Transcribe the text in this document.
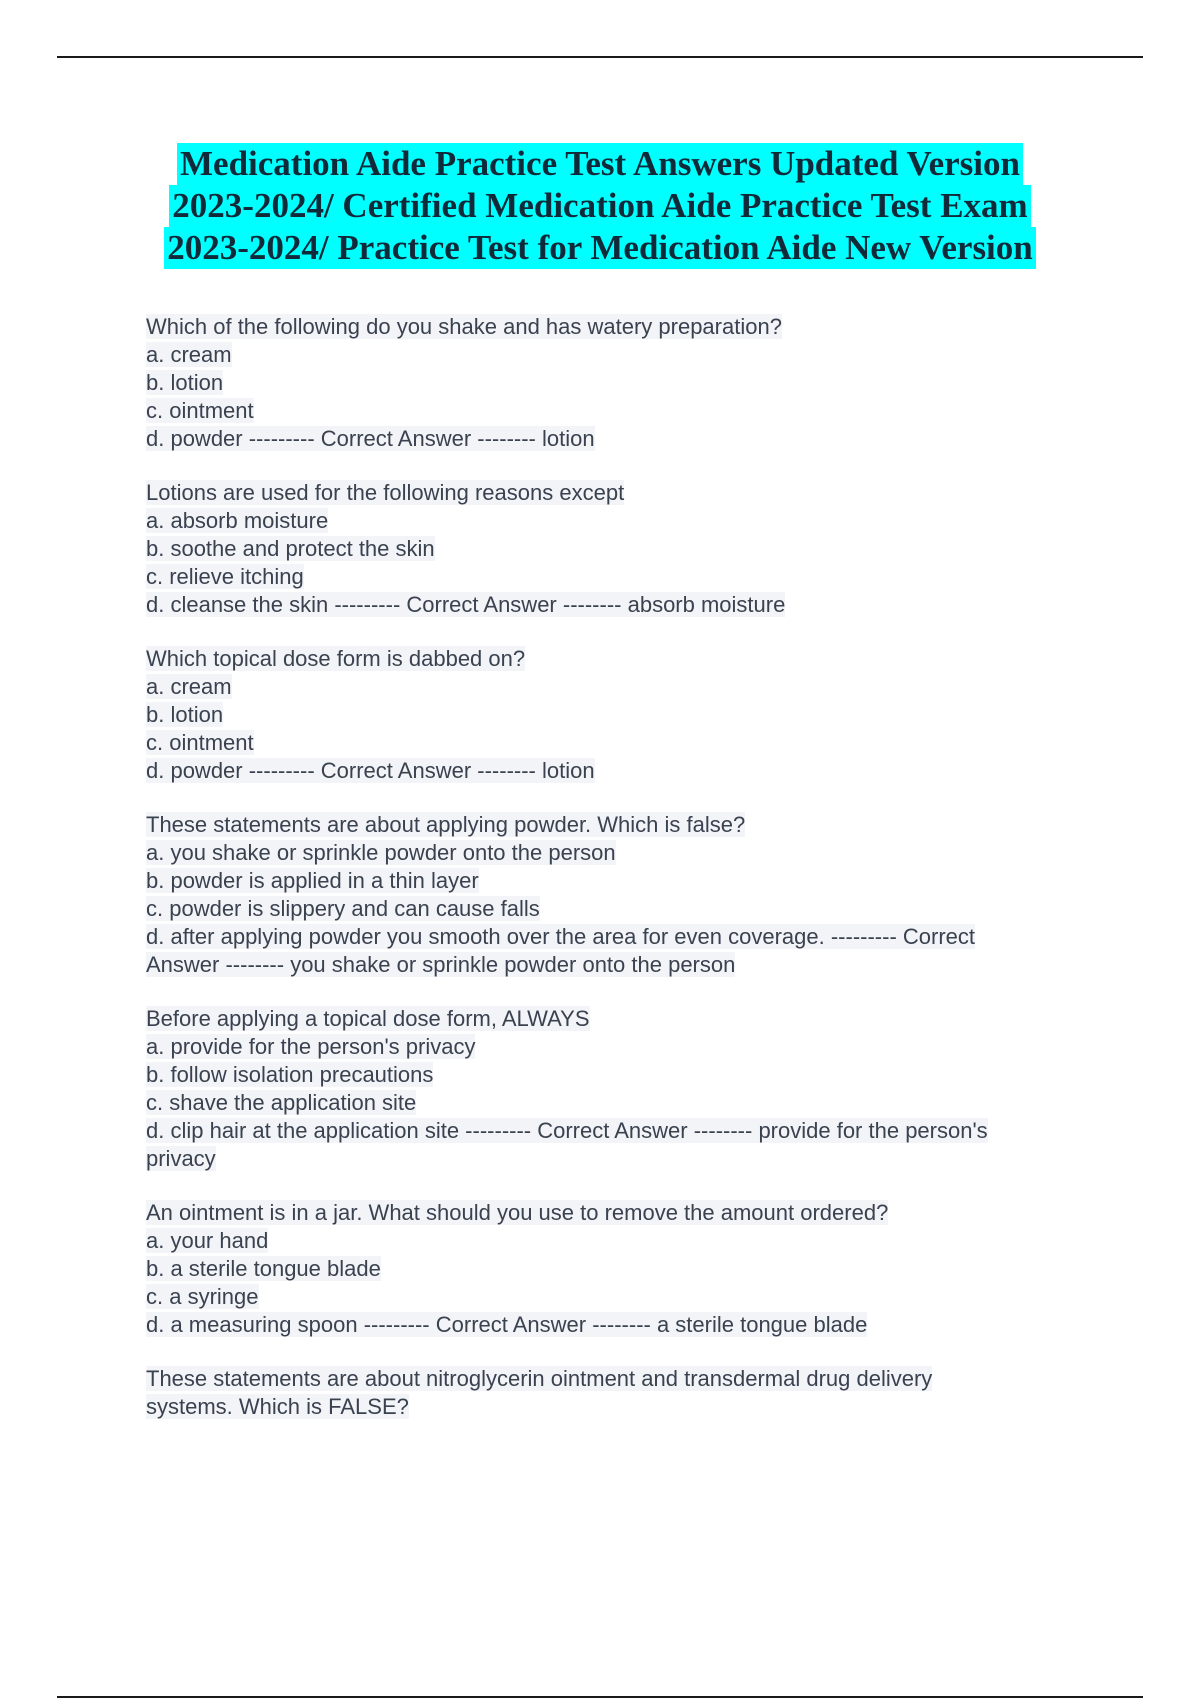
Medication Aide Practice Test Answers Updated Version
2023-2024/ Certified Medication Aide Practice Test Exam
2023-2024/ Practice Test for Medication Aide New Version
Which of the following do you shake and has watery preparation?
a. cream
b. lotion
c. ointment
d. powder --------- Correct Answer -------- lotion
Lotions are used for the following reasons except
a. absorb moisture
b. soothe and protect the skin
c. relieve itching
d. cleanse the skin --------- Correct Answer -------- absorb moisture
Which topical dose form is dabbed on?
a. cream
b. lotion
c. ointment
d. powder --------- Correct Answer -------- lotion
These statements are about applying powder. Which is false?
a. you shake or sprinkle powder onto the person
b. powder is applied in a thin layer
c. powder is slippery and can cause falls
d. after applying powder you smooth over the area for even coverage. --------- Correct
Answer -------- you shake or sprinkle powder onto the person
Before applying a topical dose form, ALWAYS
a. provide for the person's privacy
b. follow isolation precautions
c. shave the application site
d. clip hair at the application site --------- Correct Answer -------- provide for the person's
privacy
An ointment is in a jar. What should you use to remove the amount ordered?
a. your hand
b. a sterile tongue blade
c. a syringe
d. a measuring spoon --------- Correct Answer -------- a sterile tongue blade
These statements are about nitroglycerin ointment and transdermal drug delivery
systems. Which is FALSE?
